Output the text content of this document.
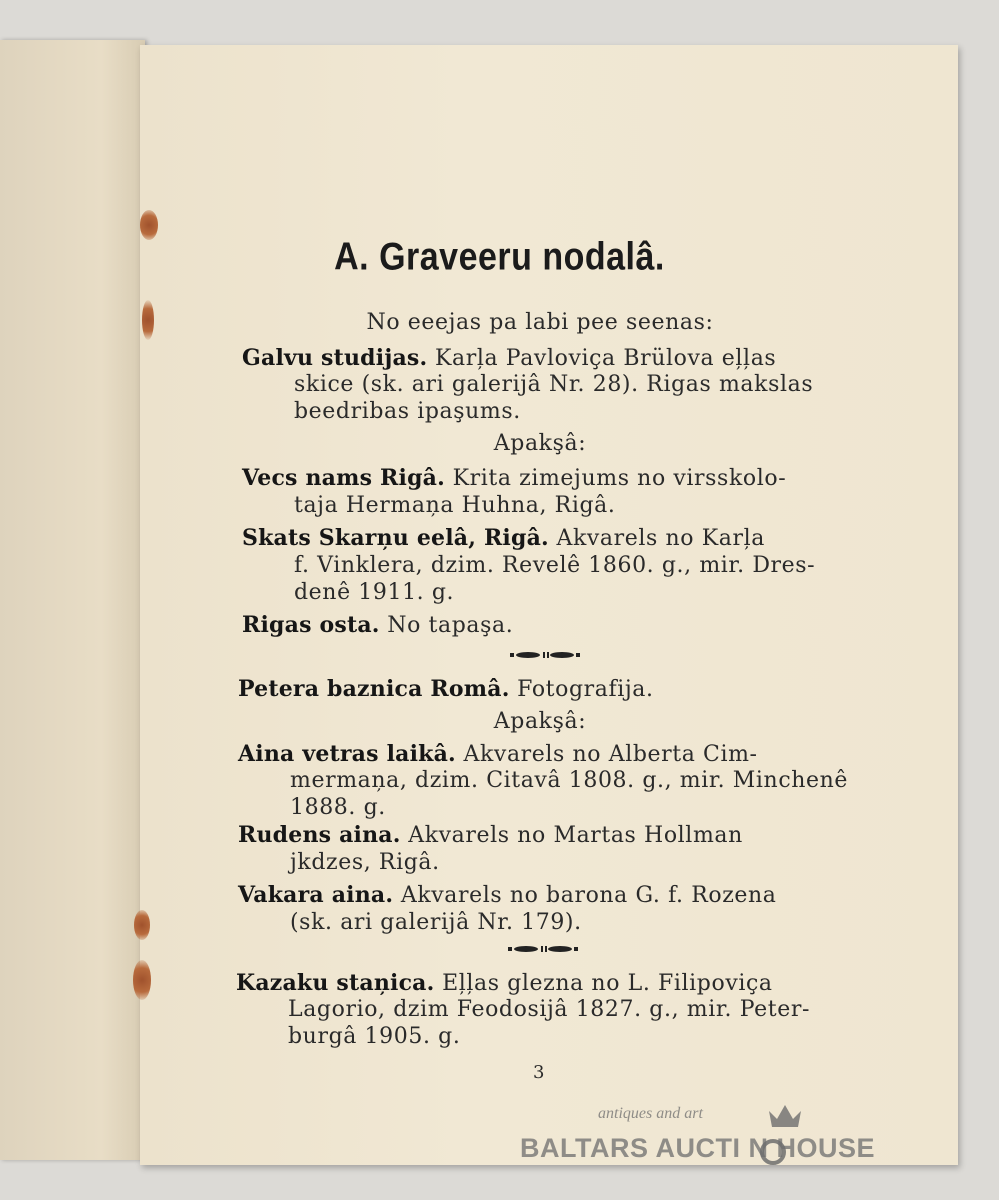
A. Graveeru nodalâ.
No eeejas pa labi pee seenas:
Galvu studijas. Karļa Pavloviça Brülova eļļas
skice (sk. ari galerijâ Nr. 28). Rigas makslas
beedribas ipaşums.
Apakşâ:
Vecs nams Rigâ. Krita zimejums no virsskolo-
taja Hermaņa Huhna, Rigâ.
Skats Skarņu eelâ, Rigâ. Akvarels no Karļa
f. Vinklera, dzim. Revelê 1860. g., mir. Dres-
denê 1911. g.
Rigas osta. No tapaşa.
Petera baznica Româ. Fotografija.
Apakşâ:
Aina vetras laikâ. Akvarels no Alberta Cim-
mermaņa, dzim. Citavâ 1808. g., mir. Minchenê
1888. g.
Rudens aina. Akvarels no Martas Hollman
jkdzes, Rigâ.
Vakara aina. Akvarels no barona G. f. Rozena
(sk. ari galerijâ Nr. 179).
Kazaku staņica. Eļļas glezna no L. Filipoviça
Lagorio, dzim Feodosijâ 1827. g., mir. Peter-
burgâ 1905. g.
3
antiques and art
BALTARS AUCTI N HOUSE
